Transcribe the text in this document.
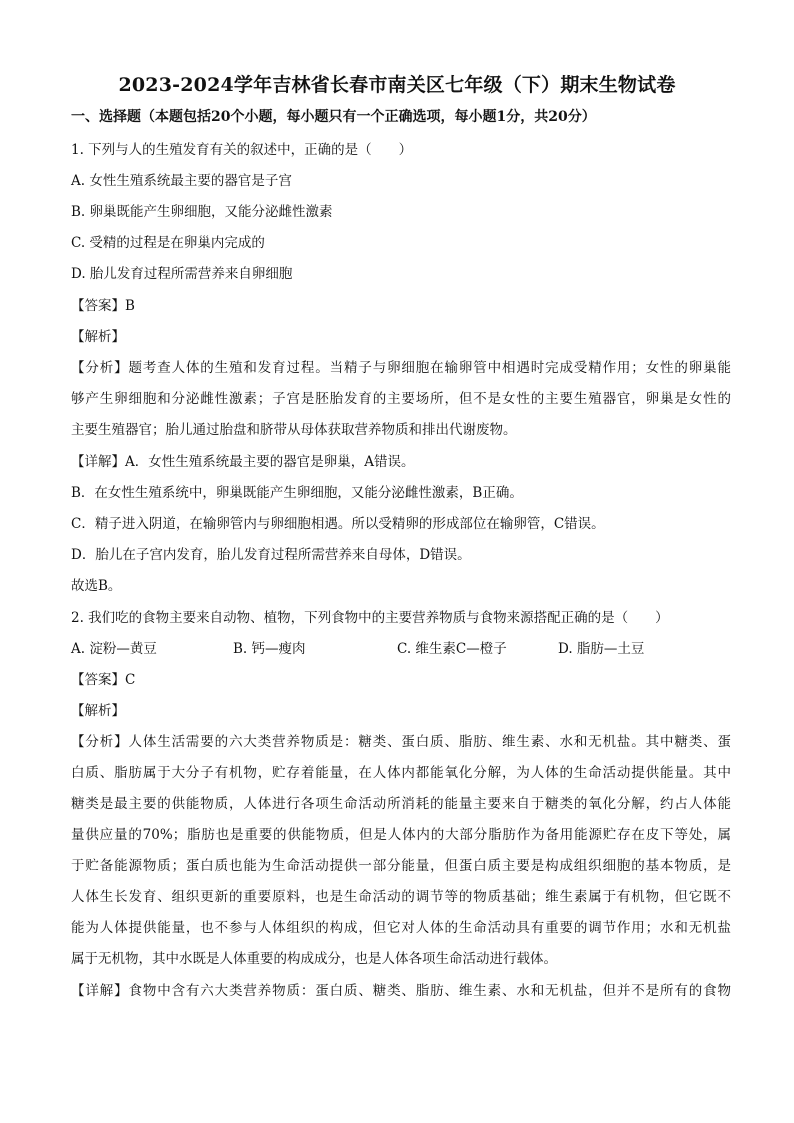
2023-2024学年吉林省长春市南关区七年级（下）期末生物试卷
一、选择题（本题包括20个小题，每小题只有一个正确选项，每小题1分，共20分）
1. 下列与人的生殖发育有关的叙述中，正确的是（　　）
A. 女性生殖系统最主要的器官是子宫
B. 卵巢既能产生卵细胞，又能分泌雌性激素
C. 受精的过程是在卵巢内完成的
D. 胎儿发育过程所需营养来自卵细胞
【答案】B
【解析】
【分析】题考查人体的生殖和发育过程。当精子与卵细胞在输卵管中相遇时完成受精作用；女性的卵巢能
够产生卵细胞和分泌雌性激素；子宫是胚胎发育的主要场所，但不是女性的主要生殖器官，卵巢是女性的
主要生殖器官；胎儿通过胎盘和脐带从母体获取营养物质和排出代谢废物。
【详解】A．女性生殖系统最主要的器官是卵巢，A错误。
B．在女性生殖系统中，卵巢既能产生卵细胞，又能分泌雌性激素，B正确。
C．精子进入阴道，在输卵管内与卵细胞相遇。所以受精卵的形成部位在输卵管，C错误。
D．胎儿在子宫内发育，胎儿发育过程所需营养来自母体，D错误。
故选B。
2. 我们吃的食物主要来自动物、植物，下列食物中的主要营养物质与食物来源搭配正确的是（　　）
A. 淀粉—黄豆	B. 钙—瘦肉	C. 维生素C—橙子	D. 脂肪—土豆
【答案】C
【解析】
【分析】人体生活需要的六大类营养物质是：糖类、蛋白质、脂肪、维生素、水和无机盐。其中糖类、蛋
白质、脂肪属于大分子有机物，贮存着能量，在人体内都能氧化分解，为人体的生命活动提供能量。其中
糖类是最主要的供能物质，人体进行各项生命活动所消耗的能量主要来自于糖类的氧化分解，约占人体能
量供应量的70%；脂肪也是重要的供能物质，但是人体内的大部分脂肪作为备用能源贮存在皮下等处，属
于贮备能源物质；蛋白质也能为生命活动提供一部分能量，但蛋白质主要是构成组织细胞的基本物质，是
人体生长发育、组织更新的重要原料，也是生命活动的调节等的物质基础；维生素属于有机物，但它既不
能为人体提供能量，也不参与人体组织的构成，但它对人体的生命活动具有重要的调节作用；水和无机盐
属于无机物，其中水既是人体重要的构成成分，也是人体各项生命活动进行载体。
【详解】食物中含有六大类营养物质：蛋白质、糖类、脂肪、维生素、水和无机盐，但并不是所有的食物
